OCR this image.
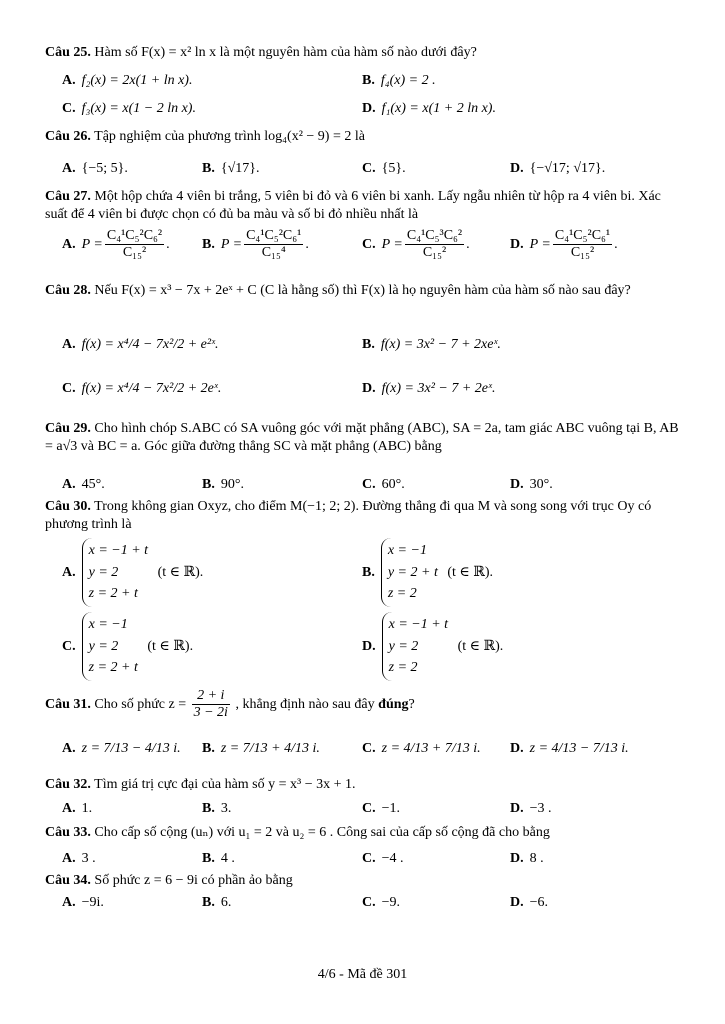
Câu 25. Hàm số F(x) = x² ln x là một nguyên hàm của hàm số nào dưới đây?
A. f₂(x) = 2x(1 + ln x).	B. f₄(x) = 2 .
C. f₃(x) = x(1 − 2 ln x).	D. f₁(x) = x(1 + 2 ln x).
Câu 26. Tập nghiệm của phương trình log₄(x² − 9) = 2 là
A. {−5; 5}.	B. {√17}.	C. {5}.	D. {−√17; √17}.
Câu 27. Một hộp chứa 4 viên bi trắng, 5 viên bi đỏ và 6 viên bi xanh. Lấy ngẫu nhiên từ hộp ra 4 viên bi. Xác suất để 4 viên bi được chọn có đủ ba màu và số bi đỏ nhiều nhất là
A. $P = \frac{\text{C₄¹C₅²C₆²}}{\text{C₁₅²}}$ . B. $P = \frac{\text{C₄¹C₅²C₆¹}}{\text{C₁₅⁴}}$ .	C. $P = \frac{\text{C₄¹C₅³C₆²}}{\text{C₁₅²}}$ .	D. $P = \frac{\text{C₄¹C₅²C₆¹}}{\text{C₁₅²}}$ .
Câu 28. Nếu F(x) = x³ − 7x + 2eˣ + C (C là hằng số) thì F(x) là họ nguyên hàm của hàm số nào sau đây?
A. f(x) = x⁴/4 − 7x²/2 + e²ˣ.	B. f(x) = 3x² − 7 + 2xeˣ.
C. f(x) = x⁴/4 − 7x²/2 + 2eˣ.	D. f(x) = 3x² − 7 + 2eˣ.
Câu 29. Cho hình chóp S.ABC có SA vuông góc với mặt phẳng (ABC), SA = 2a, tam giác ABC vuông tại B, AB = a√3 và BC = a. Góc giữa đường thẳng SC và mặt phẳng (ABC) bằng
A. 45°.	B. 90°.	C. 60°.	D. 30°.
Câu 30. Trong không gian Oxyz, cho điểm M(−1; 2; 2). Đường thẳng đi qua M và song song với trục Oy có phương trình là
A.
x = −1 + t
y = 2
z = 2 + t
(t ∈ ℝ).	B.
x = −1
y = 2 + t
z = 2
(t ∈ ℝ).
C.
x = −1
y = 2
z = 2 + t
(t ∈ ℝ).	D.
x = −1 + t
y = 2
z = 2
(t ∈ ℝ).
Câu 31. Cho số phức $z = \frac{2 + i}{3 - 2i}$ , khẳng định nào sau đây đúng?
A. z = 7/13 − 4/13 i. B. z = 7/13 + 4/13 i.	C. z = 4/13 + 7/13 i. D. z = 4/13 − 7/13 i.
Câu 32. Tìm giá trị cực đại của hàm số y = x³ − 3x + 1.
A. 1.	B. 3.	C. −1.	D. −3 .
Câu 33. Cho cấp số cộng (uₙ) với u₁ = 2 và u₂ = 6 . Công sai của cấp số cộng đã cho bằng
A. 3 .	B. 4 .	C. −4 .	D. 8 .
Câu 34. Số phức z = 6 − 9i có phần ảo bằng
A. −9i.	B. 6.	C. −9.	D. −6.
4/6 - Mã đề 301
